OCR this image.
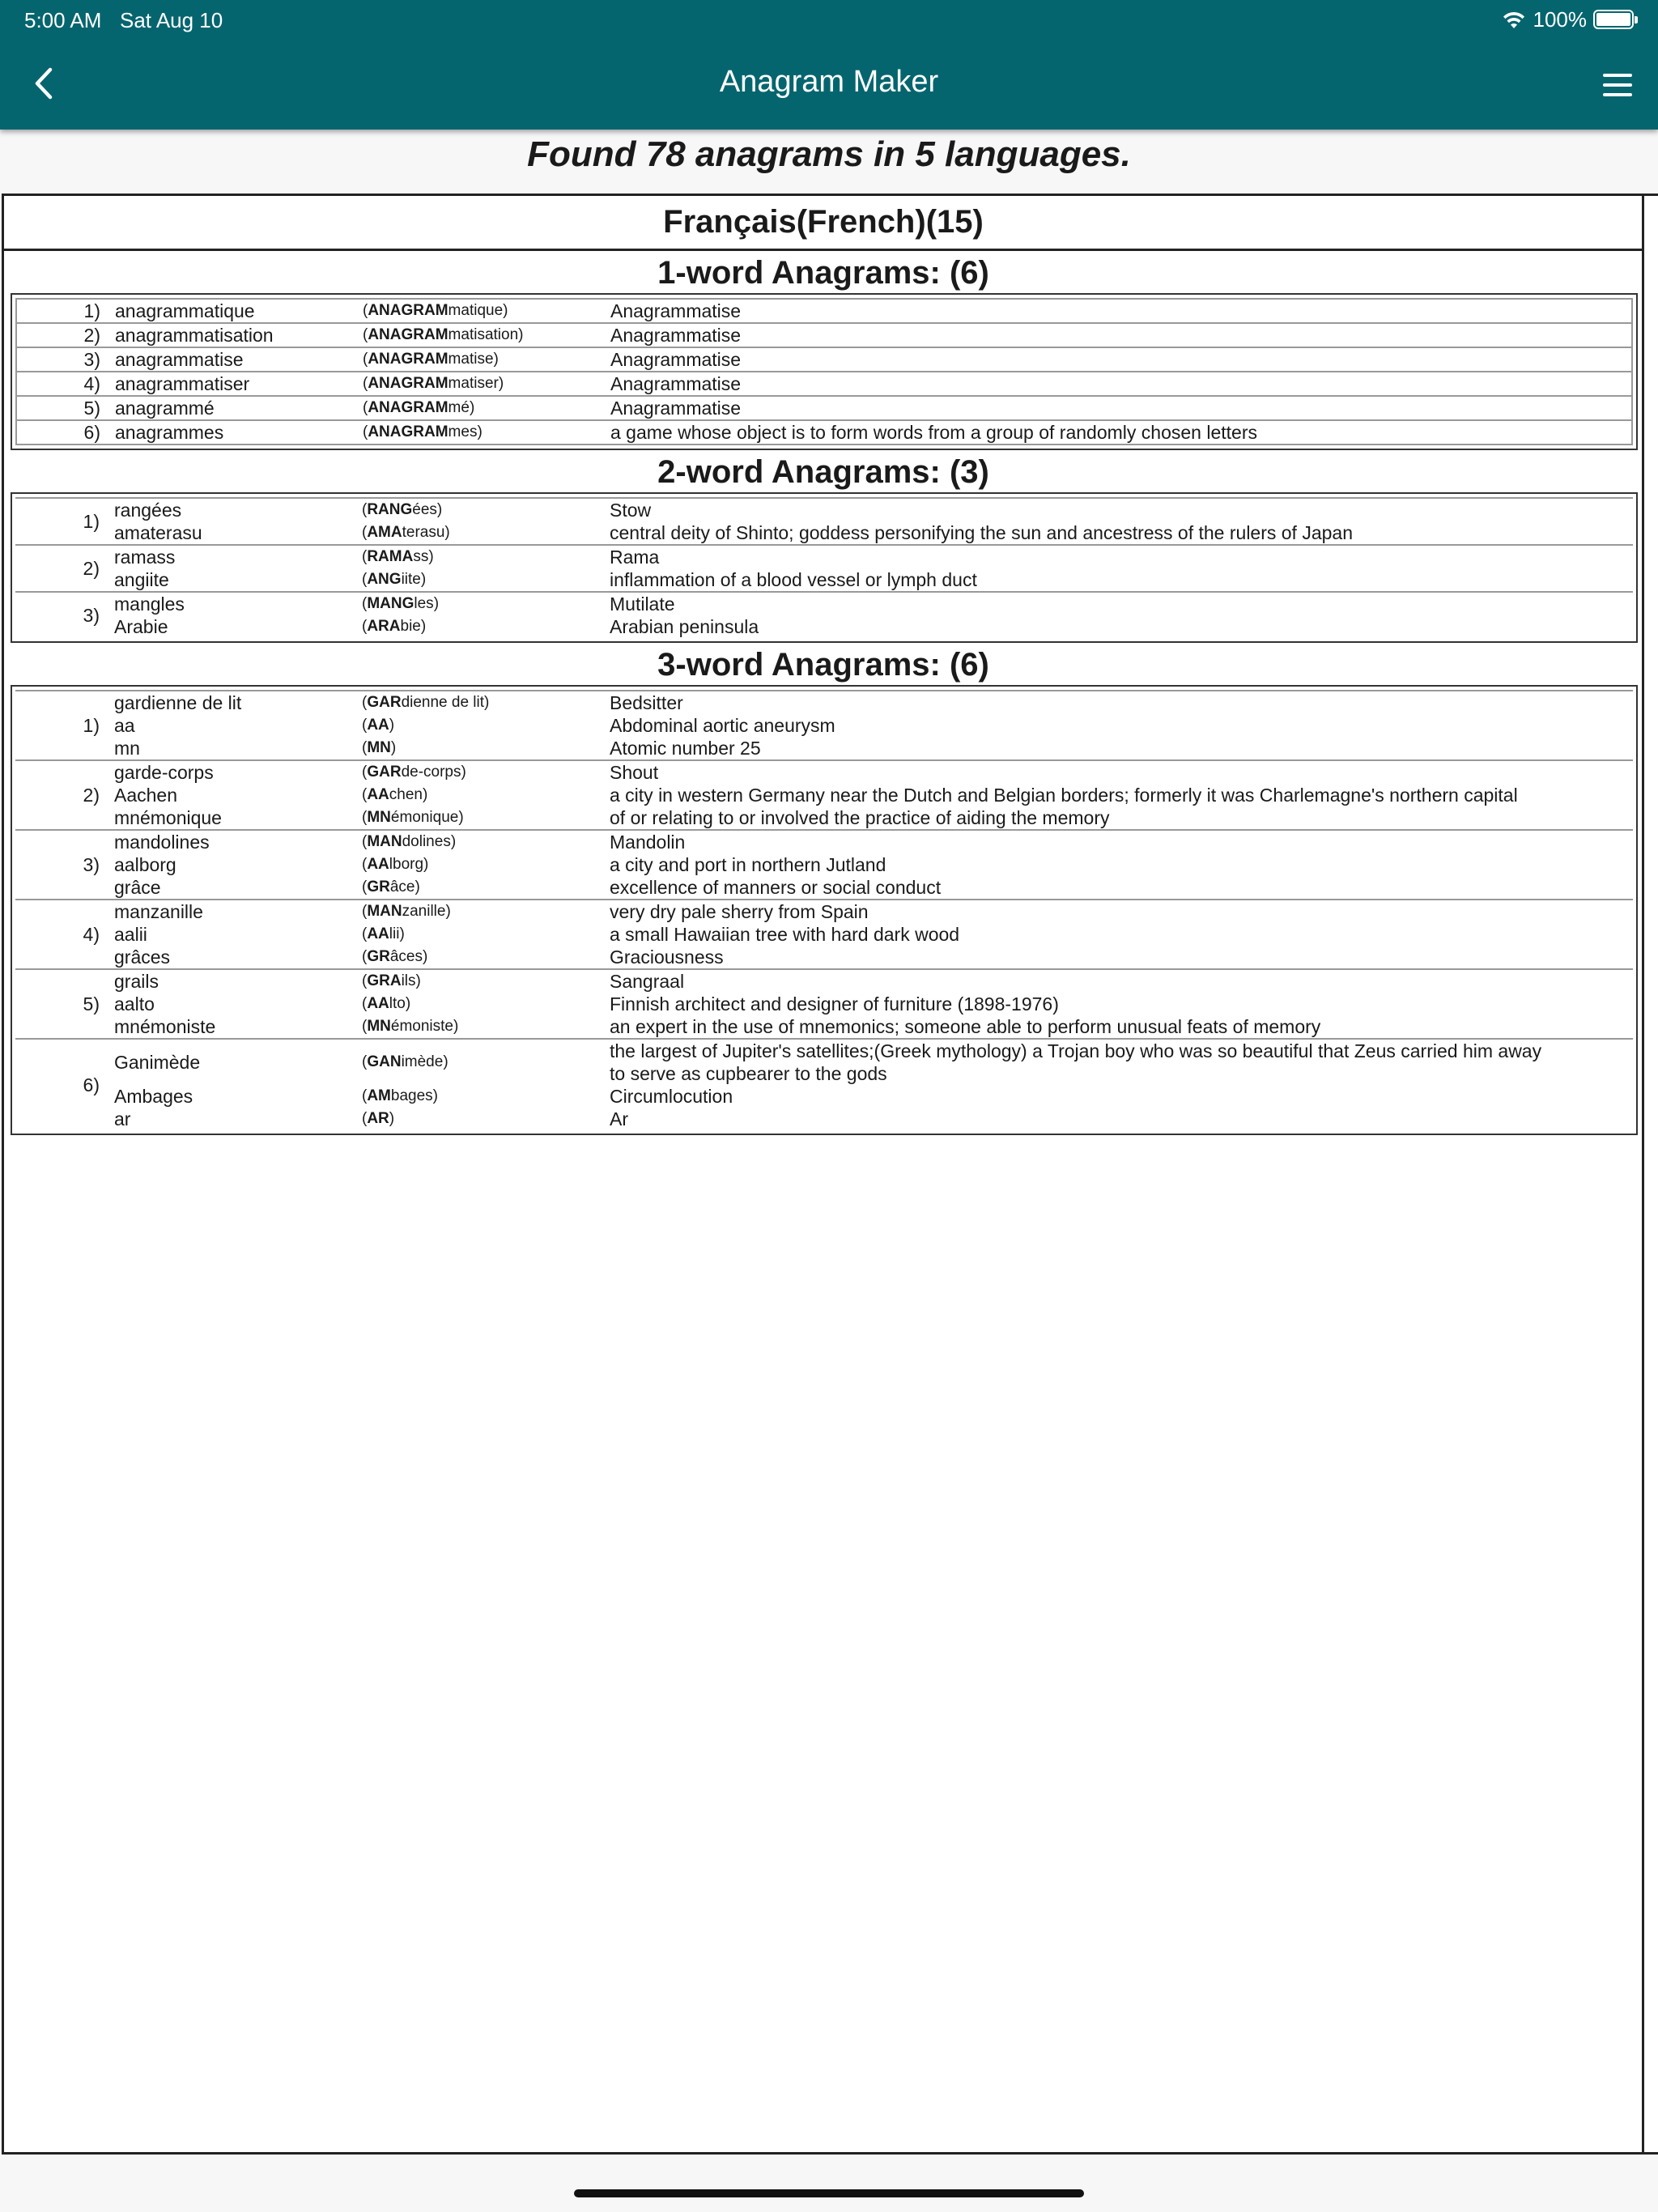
5:00 AM Sat Aug 10	100%
Anagram Maker
Found 78 anagrams in 5 languages.
Français(French)(15)
1-word Anagrams: (6)
1)	anagrammatique	(ANAGRAMmatique)	Anagrammatise
2)	anagrammatisation	(ANAGRAMmatisation)	Anagrammatise
3)	anagrammatise	(ANAGRAMmatise)	Anagrammatise
4)	anagrammatiser	(ANAGRAMmatiser)	Anagrammatise
5)	anagrammé	(ANAGRAMmé)	Anagrammatise
6)	anagrammes	(ANAGRAMmes)	a game whose object is to form words from a group of randomly chosen letters
2-word Anagrams: (3)
1)	rangées	(RANGées)	Stow
	amaterasu	(AMAterasu)	central deity of Shinto; goddess personifying the sun and ancestress of the rulers of Japan
2)	ramass	(RAMAss)	Rama
	angiite	(ANGiite)	inflammation of a blood vessel or lymph duct
3)	mangles	(MANGles)	Mutilate
	Arabie	(ARAbie)	Arabian peninsula
3-word Anagrams: (6)
1)	gardienne de lit	(GARdienne de lit)	Bedsitter
	aa	(AA)	Abdominal aortic aneurysm
	mn	(MN)	Atomic number 25
2)	garde-corps	(GARde-corps)	Shout
	Aachen	(AAchen)	a city in western Germany near the Dutch and Belgian borders; formerly it was Charlemagne's northern capital
	mnémonique	(MNémonique)	of or relating to or involved the practice of aiding the memory
3)	mandolines	(MANdolines)	Mandolin
	aalborg	(AAlborg)	a city and port in northern Jutland
	grâce	(GRâce)	excellence of manners or social conduct
4)	manzanille	(MANzanille)	very dry pale sherry from Spain
	aalii	(AAlii)	a small Hawaiian tree with hard dark wood
	grâces	(GRâces)	Graciousness
5)	grails	(GRAils)	Sangraal
	aalto	(AAlto)	Finnish architect and designer of furniture (1898-1976)
	mnémoniste	(MNémoniste)	an expert in the use of mnemonics; someone able to perform unusual feats of memory
6)	Ganimède	(GANimède)	the largest of Jupiter's satellites;(Greek mythology) a Trojan boy who was so beautiful that Zeus carried him away to serve as cupbearer to the gods
	Ambages	(AMbages)	Circumlocution
	ar	(AR)	Ar
